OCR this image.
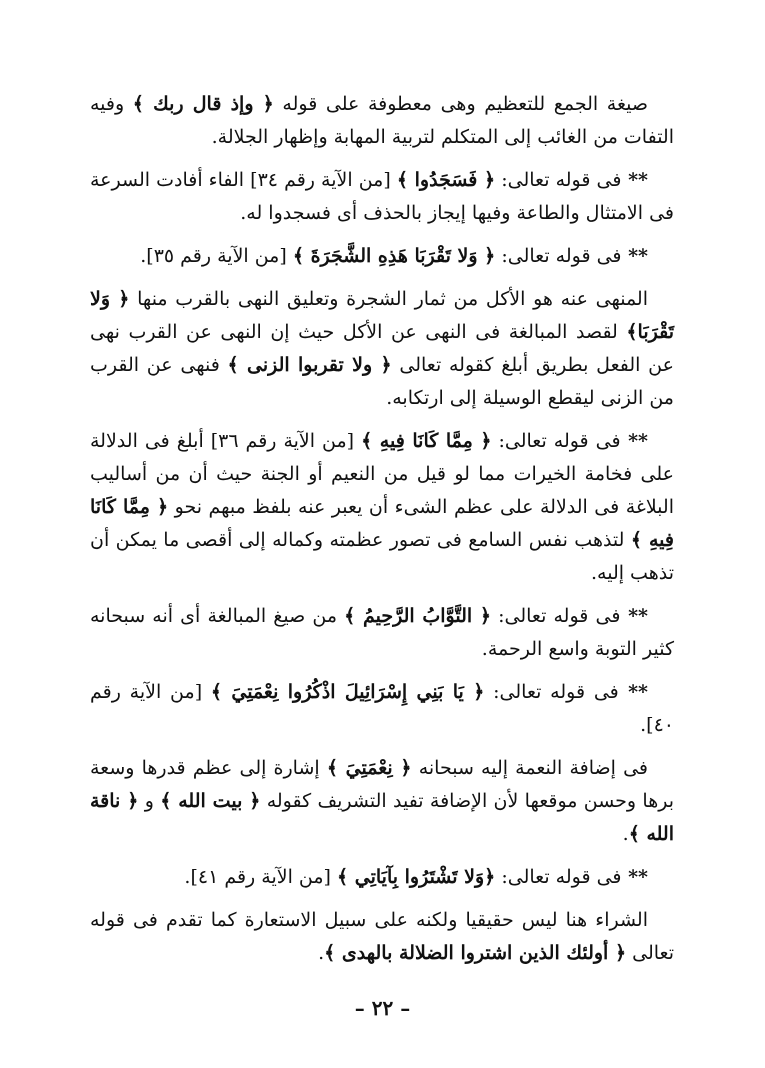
صيغة الجمع للتعظيم وهى معطوفة على قوله ﴿ وإذ قال ربك ﴾ وفيه التفات من الغائب إلى المتكلم لتربية المهابة وإظهار الجلالة.

** فى قوله تعالى: ﴿ فَسَجَدُوا ﴾ [من الآية رقم ٣٤] الفاء أفادت السرعة فى الامتثال والطاعة وفيها إيجاز بالحذف أى فسجدوا له.

** فى قوله تعالى: ﴿ وَلا تَقْرَبَا هَذِهِ الشَّجَرَةَ ﴾ [من الآية رقم ٣٥].

المنهى عنه هو الأكل من ثمار الشجرة وتعليق النهى بالقرب منها ﴿ وَلا تَقْرَبَا﴾ لقصد المبالغة فى النهى عن الأكل حيث إن النهى عن القرب نهى عن الفعل بطريق أبلغ كقوله تعالى ﴿ ولا تقربوا الزنى ﴾ فنهى عن القرب من الزنى ليقطع الوسيلة إلى ارتكابه.

** فى قوله تعالى: ﴿ مِمَّا كَانَا فِيهِ ﴾ [من الآية رقم ٣٦] أبلغ فى الدلالة على فخامة الخيرات مما لو قيل من النعيم أو الجنة حيث أن من أساليب البلاغة فى الدلالة على عظم الشىء أن يعبر عنه بلفظ مبهم نحو ﴿ مِمَّا كَانَا فِيهِ ﴾ لتذهب نفس السامع فى تصور عظمته وكماله إلى أقصى ما يمكن أن تذهب إليه.

** فى قوله تعالى: ﴿ التَّوَّابُ الرَّحِيمُ ﴾ من صيغ المبالغة أى أنه سبحانه كثير التوبة واسع الرحمة.

** فى قوله تعالى: ﴿ يَا بَنِي إِسْرَائِيلَ اذْكُرُوا نِعْمَتِيَ ﴾ [من الآية رقم ٤٠].

فى إضافة النعمة إليه سبحانه ﴿ نِعْمَتِيَ ﴾ إشارة إلى عظم قدرها وسعة برها وحسن موقعها لأن الإضافة تفيد التشريف كقوله ﴿ بيت الله ﴾ و ﴿ ناقة الله ﴾.

** فى قوله تعالى: ﴿وَلا تَشْتَرُوا بِآيَاتِي ﴾ [من الآية رقم ٤١].

الشراء هنا ليس حقيقيا ولكنه على سبيل الاستعارة كما تقدم فى قوله تعالى ﴿ أولئك الذين اشتروا الضلالة بالهدى ﴾.

– ٢٢ –
